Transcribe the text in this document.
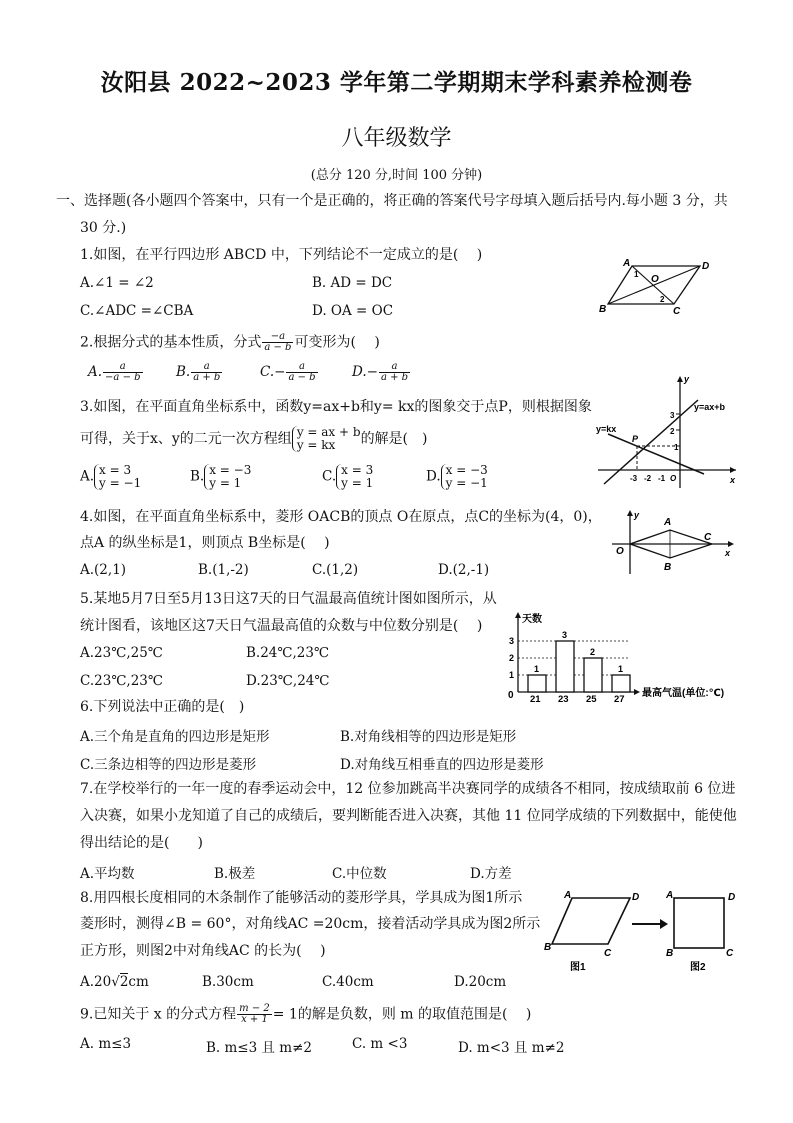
汝阳县 2022~2023 学年第二学期期末学科素养检测卷
八年级数学
(总分 120 分,时间 100 分钟)
一、选择题(各小题四个答案中，只有一个是正确的，将正确的答案代号字母填入题后括号内.每小题 3 分，共
30 分.)
1.如图，在平行四边形 ABCD 中，下列结论不一定成立的是(　 )
A.∠1 = ∠2	B. AD = DC
C.∠ADC =∠CBA	D. OA = OC
A	D
B	C
O
1
2
2.根据分式的基本性质，分式 $\frac{-a}{a - b}$ 可变形为(　 )
A. $\frac{a}{-a - b} B$. $\frac{a}{a + b}$	$C.- \frac{a}{a - b}$	$D.- \frac{a}{a + b}$
3.如图，在平面直角坐标系中，函数y=ax+b和y= kx的图象交于点P，则根据图象
可得，关于x、y的二元一次方程组 y = ax + b
y = kx	的解是(　)
A. x = 3
y = −1	B. x = −3
y = 1	C. x = 3
y = 1	D. x = −3
y = −1
y
x
y=ax+b
y=kx
P
3
2
1
-3 -2 -1 O
4.如图，在平面直角坐标系中，菱形 OACB的顶点 O在原点，点C的坐标为(4，0)，
点A 的纵坐标是1，则顶点 B坐标是(　 )
A.(2,1)	B.(1,-2)	C.(1,2)	D.(2,-1)
y
x
O
A
B
C
5.某地5月7日至5月13日这7天的日气温最高值统计图如图所示，从
统计图看，该地区这7天日气温最高值的众数与中位数分别是(　 )
A.23℃,25℃	B.24℃,23℃
C.23℃,23℃	D.23℃,24℃
天数
最高气温(单位:℃)
0
1
2
3
1
21
3
23
2
25
1
27
6.下列说法中正确的是(　)
A.三个角是直角的四边形是矩形	B.对角线相等的四边形是矩形
C.三条边相等的四边形是菱形	D.对角线互相垂直的四边形是菱形
7.在学校举行的一年一度的春季运动会中，12 位参加跳高半决赛同学的成绩各不相同，按成绩取前 6 位进
入决赛，如果小龙知道了自己的成绩后，要判断能否进入决赛，其他 11 位同学成绩的下列数据中，能使他
得出结论的是(　　)
A.平均数	B.极差	C.中位数	D.方差
8.用四根长度相同的木条制作了能够活动的菱形学具，学具成为图1所示
菱形时，测得∠B = 60°，对角线AC =20cm，接着活动学具成为图2所示
正方形，则图2中对角线AC 的长为(　 )
A.20√2cm	B.30cm	C.40cm	D.20cm
A	D
B
C
A	D
B	C
图1	图2
9.已知关于 x 的分式方程 $\frac{m - 2}{x + 1} = 1$的解是负数，则 m 的取值范围是(　 )
A. m≤3	B. m≤3 且 m≠2	C. m <3	D. m<3 且 m≠2
